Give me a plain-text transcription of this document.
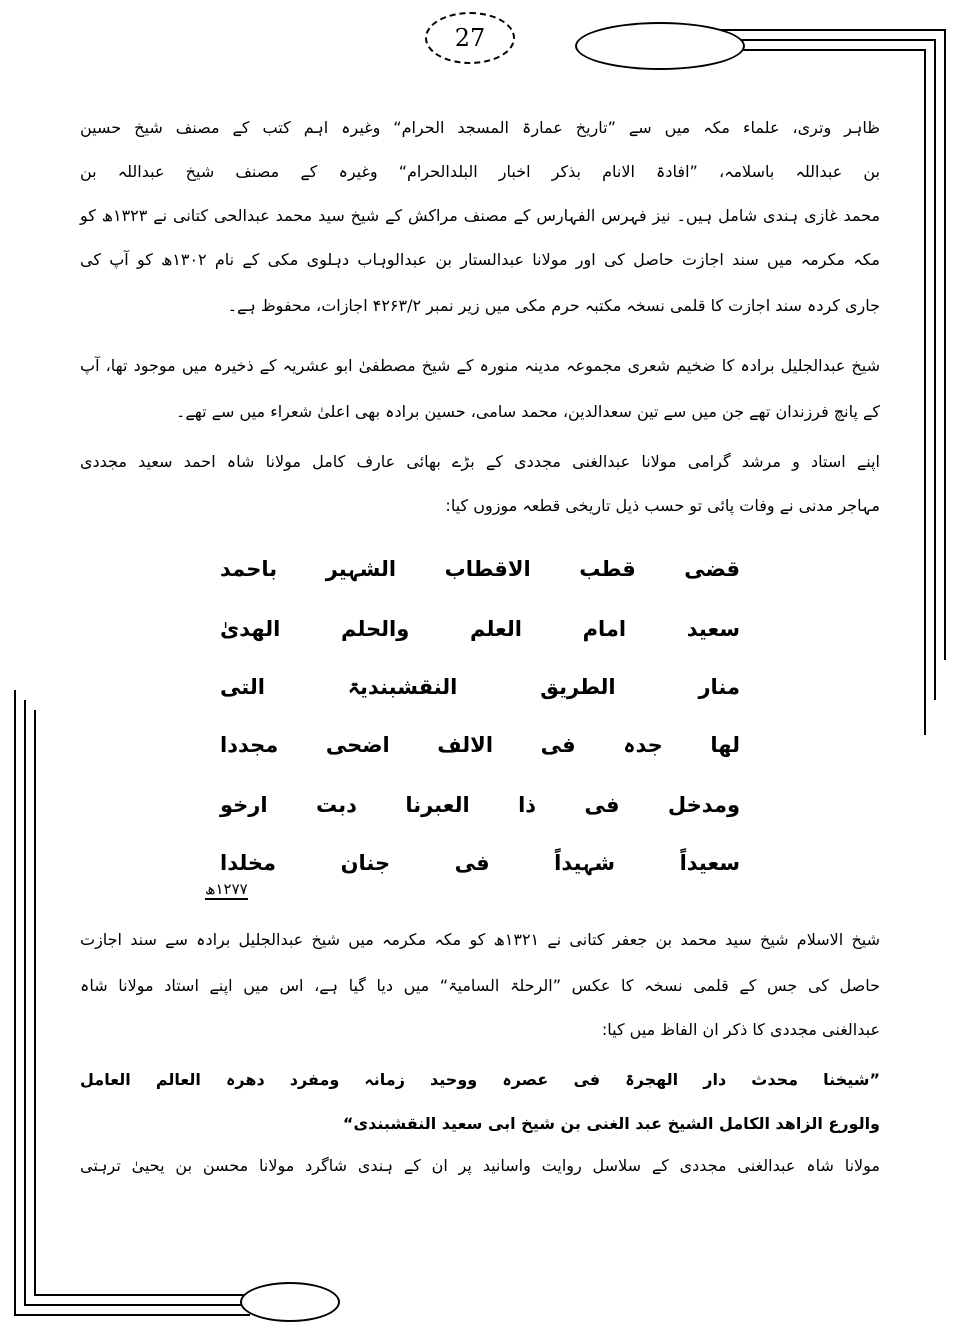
27
ظاہر وتری، علماء مکہ میں سے ”تاریخ عمارۃ المسجد الحرام“ وغیرہ اہم کتب کے مصنف شیخ حسین
بن عبداللہ باسلامہ، ”افادۃ الانام بذکر اخبار البلدالحرام“ وغیرہ کے مصنف شیخ عبداللہ بن
محمد غازی ہندی شامل ہیں۔ نیز فہرس الفہارس کے مصنف مراکش کے شیخ سید محمد عبدالحی کتانی نے ۱۳۲۳ھ کو
مکہ مکرمہ میں سند اجازت حاصل کی اور مولانا عبدالستار بن عبدالوہاب دہلوی مکی کے نام ۱۳۰۲ھ کو آپ کی
جاری کردہ سند اجازت کا قلمی نسخہ مکتبہ حرم مکی میں زیر نمبر ۴۲۶۳/۲ اجازات، محفوظ ہے۔
شیخ عبدالجلیل برادہ کا ضخیم شعری مجموعہ مدینہ منورہ کے شیخ مصطفیٰ ابو عشریہ کے ذخیرہ میں موجود تھا، آپ
کے پانچ فرزندان تھے جن میں سے تین سعدالدین، محمد سامی، حسین برادہ بھی اعلیٰ شعراء میں سے تھے۔
اپنے استاد و مرشد گرامی مولانا عبدالغنی مجددی کے بڑے بھائی عارف کامل مولانا شاہ احمد سعید مجددی
مہاجر مدنی نے وفات پائی تو حسب ذیل تاریخی قطعہ موزوں کیا:
قضی قطب الاقطاب الشہیر باحمد
سعید امام العلم والحلم الھدیٰ
منار الطریق النقشبندیۃ التی
لھا جدہ فی الالف اضحی مجددا
ومدخل فی ذا العبرنا دبت ارخو
سعیداً شہیداً فی جنان مخلدا
۱۲۷۷ھ
شیخ الاسلام شیخ سید محمد بن جعفر کتانی نے ۱۳۲۱ھ کو مکہ مکرمہ میں شیخ عبدالجلیل برادہ سے سند اجازت
حاصل کی جس کے قلمی نسخہ کا عکس ”الرحلۃ السامیۃ“ میں دیا گیا ہے، اس میں اپنے استاد مولانا شاہ
عبدالغنی مجددی کا ذکر ان الفاظ میں کیا:
”شیخنا محدث دار الھجرۃ فی عصرہ ووحید زمانہ ومفرد دھرہ العالم العامل
والورع الزاھد الکامل الشیخ عبد الغنی بن شیخ ابی سعید النقشبندی“
مولانا شاہ عبدالغنی مجددی کے سلاسل روایت واسانید پر ان کے ہندی شاگرد مولانا محسن بن یحییٰ ترہتی
